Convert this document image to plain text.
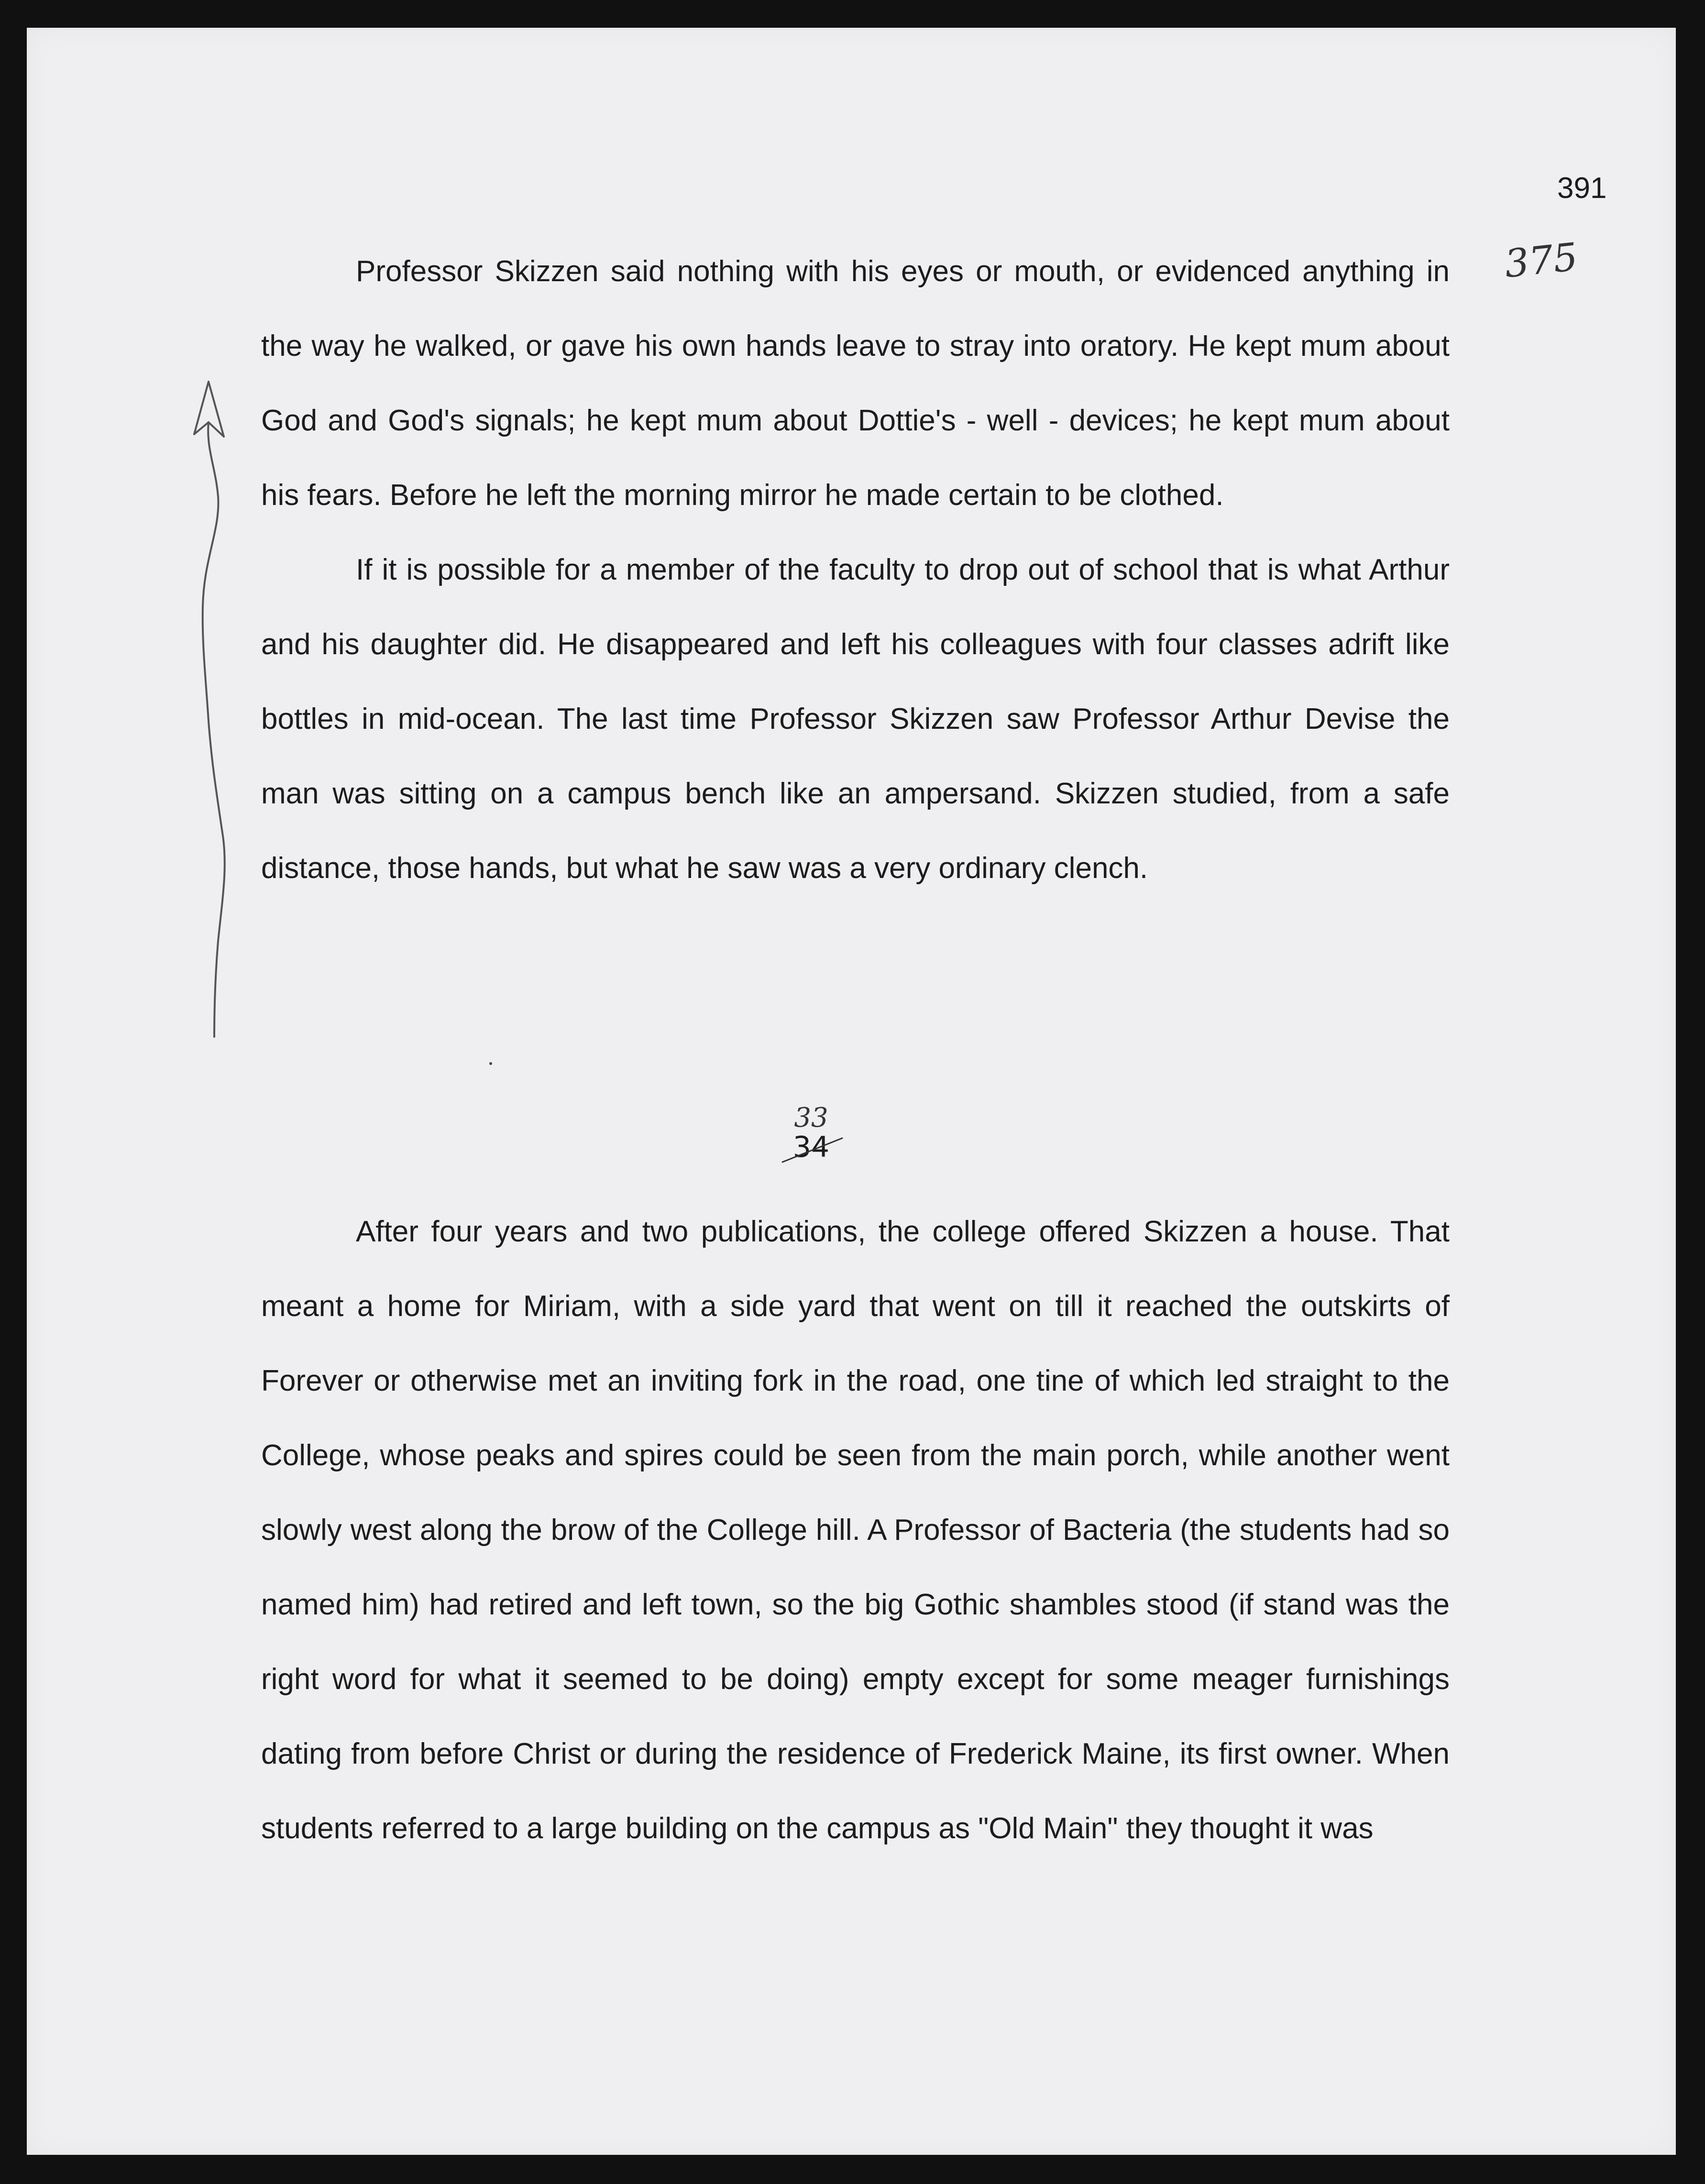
391
375

Professor Skizzen said nothing with his eyes or mouth, or evidenced anything in the way he walked, or gave his own hands leave to stray into oratory. He kept mum about God and God's signals; he kept mum about Dottie's - well - devices; he kept mum about his fears. Before he left the morning mirror he made certain to be clothed.

If it is possible for a member of the faculty to drop out of school that is what Arthur and his daughter did. He disappeared and left his colleagues with four classes adrift like bottles in mid-ocean. The last time Professor Skizzen saw Professor Arthur Devise the man was sitting on a campus bench like an ampersand. Skizzen studied, from a safe distance, those hands, but what he saw was a very ordinary clench.

33
34

After four years and two publications, the college offered Skizzen a house. That meant a home for Miriam, with a side yard that went on till it reached the outskirts of Forever or otherwise met an inviting fork in the road, one tine of which led straight to the College, whose peaks and spires could be seen from the main porch, while another went slowly west along the brow of the College hill. A Professor of Bacteria (the students had so named him) had retired and left town, so the big Gothic shambles stood (if stand was the right word for what it seemed to be doing) empty except for some meager furnishings dating from before Christ or during the residence of Frederick Maine, its first owner. When students referred to a large building on the campus as "Old Main" they thought it was
